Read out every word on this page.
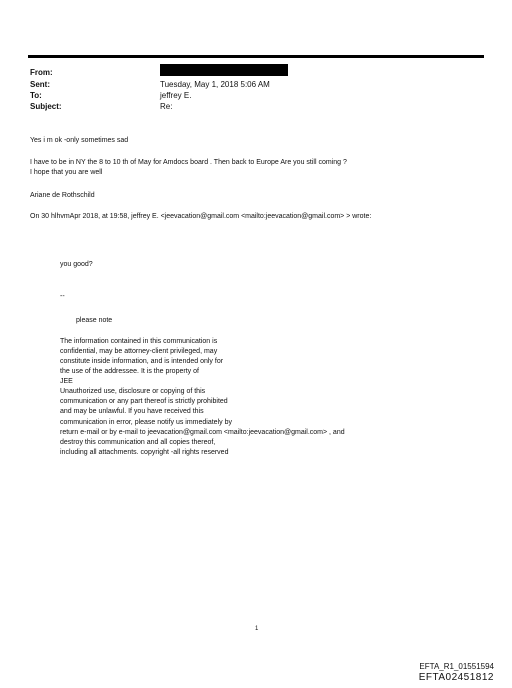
From:
Sent:	Tuesday, May 1, 2018 5:06 AM
To:	jeffrey E.
Subject:	Re:
Yes i m ok -only sometimes sad
I have to be in NY the 8 to 10 th of May for Amdocs board . Then back to Europe Are you still coming ?
I hope that you are well
Ariane de Rothschild
On 30 hlhvmApr 2018, at 19:58, jeffrey E. <jeevacation@gmail.com <mailto:jeevacation@gmail.com> > wrote:
you good?
--
please note
The information contained in this communication is
confidential, may be attorney-client privileged, may
constitute inside information, and is intended only for
the use of the addressee. It is the property of
JEE
Unauthorized use, disclosure or copying of this
communication or any part thereof is strictly prohibited
and may be unlawful. If you have received this
communication in error, please notify us immediately by
return e-mail or by e-mail to jeevacation@gmail.com <mailto:jeevacation@gmail.com> , and
destroy this communication and all copies thereof,
including all attachments. copyright -all rights reserved
1
EFTA_R1_01551594
EFTA02451812
